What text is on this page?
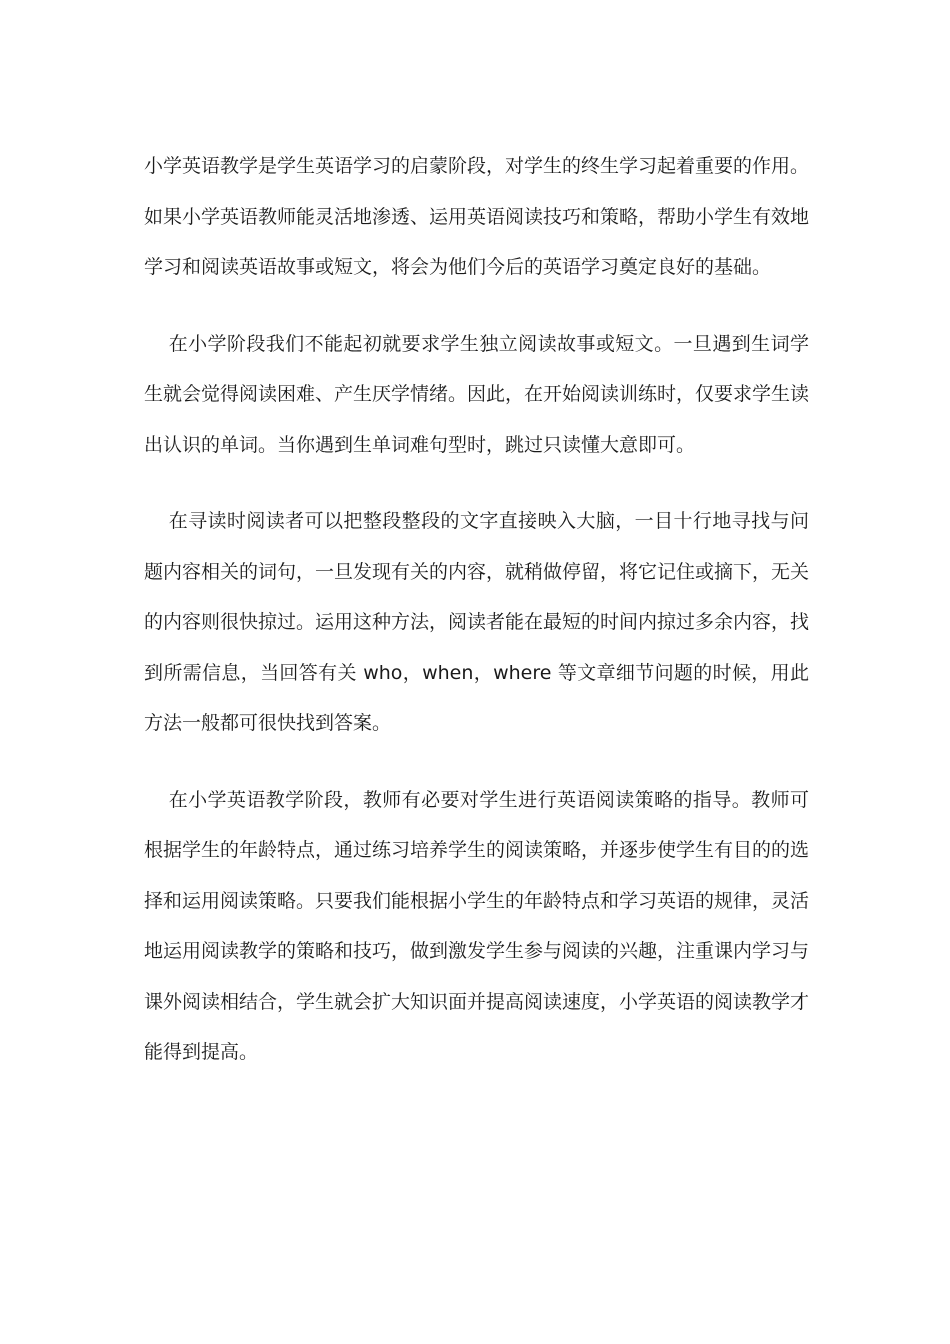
小学英语教学是学生英语学习的启蒙阶段，对学生的终生学习起着重要的作用。如果小学英语教师能灵活地渗透、运用英语阅读技巧和策略，帮助小学生有效地学习和阅读英语故事或短文，将会为他们今后的英语学习奠定良好的基础。

在小学阶段我们不能起初就要求学生独立阅读故事或短文。一旦遇到生词学生就会觉得阅读困难、产生厌学情绪。因此，在开始阅读训练时，仅要求学生读出认识的单词。当你遇到生单词难句型时，跳过只读懂大意即可。

在寻读时阅读者可以把整段整段的文字直接映入大脑，一目十行地寻找与问题内容相关的词句，一旦发现有关的内容，就稍做停留，将它记住或摘下，无关的内容则很快掠过。运用这种方法，阅读者能在最短的时间内掠过多余内容，找到所需信息，当回答有关 who，when，where 等文章细节问题的时候，用此方法一般都可很快找到答案。

在小学英语教学阶段，教师有必要对学生进行英语阅读策略的指导。教师可根据学生的年龄特点，通过练习培养学生的阅读策略，并逐步使学生有目的的选择和运用阅读策略。只要我们能根据小学生的年龄特点和学习英语的规律，灵活地运用阅读教学的策略和技巧，做到激发学生参与阅读的兴趣，注重课内学习与课外阅读相结合，学生就会扩大知识面并提高阅读速度，小学英语的阅读教学才能得到提高。
